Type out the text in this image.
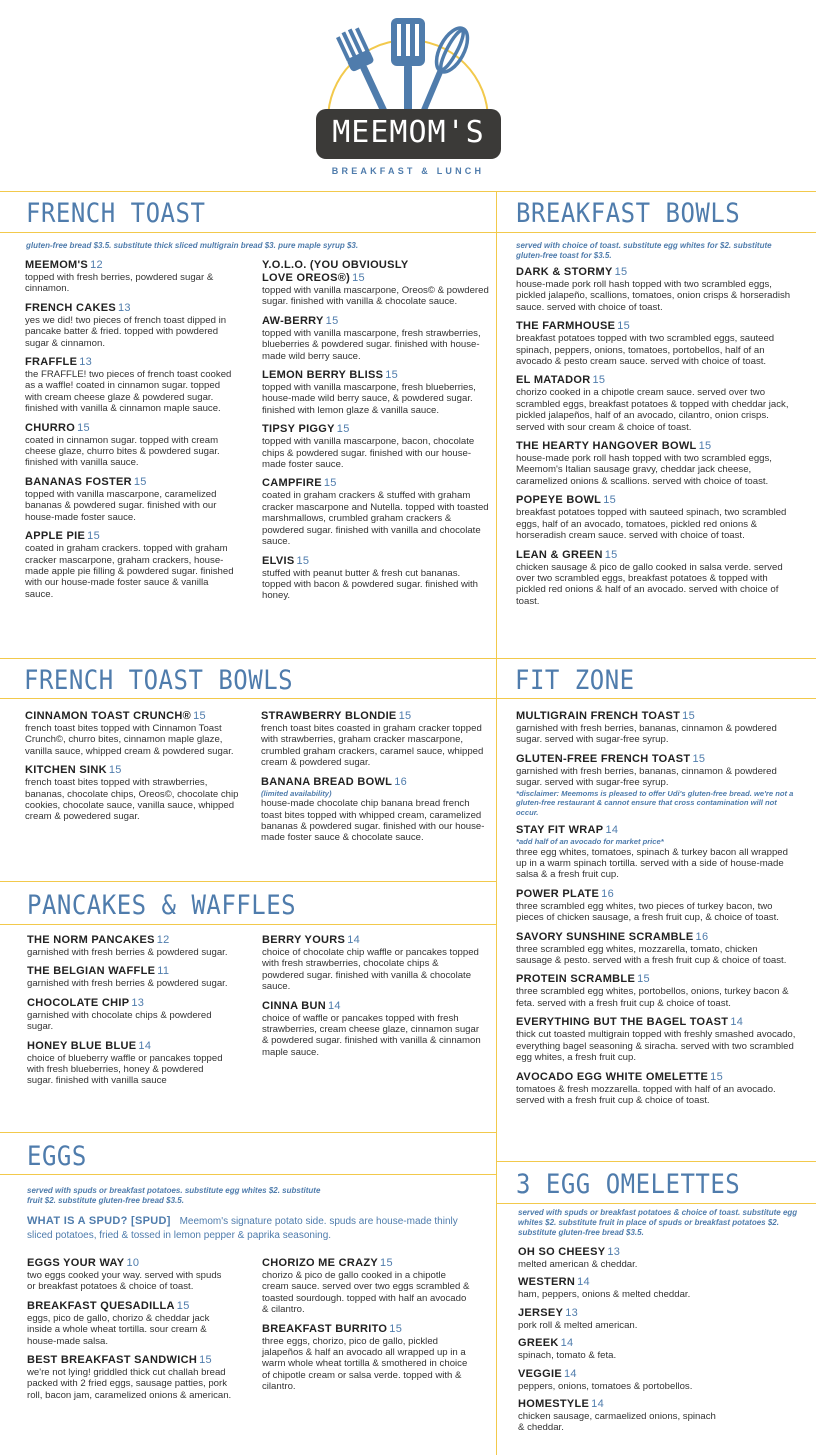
MEEMOM'S
BREAKFAST & LUNCH
FRENCH TOAST
gluten-free bread $3.5. substitute thick sliced multigrain bread $3. pure maple syrup $3.
MEEMOM'S 12
topped with fresh berries, powdered sugar & cinnamon.
FRENCH CAKES 13
yes we did! two pieces of french toast dipped in pancake batter & fried. topped with powdered sugar & cinnamon.
FRAFFLE 13
the FRAFFLE! two pieces of french toast cooked as a waffle! coated in cinnamon sugar. topped with cream cheese glaze & powdered sugar. finished with vanilla & cinnamon maple sauce.
CHURRO 15
coated in cinnamon sugar. topped with cream cheese glaze, churro bites & powdered sugar. finished with vanilla sauce.
BANANAS FOSTER 15
topped with vanilla mascarpone, caramelized bananas & powdered sugar. finished with our house-made foster sauce.
APPLE PIE 15
coated in graham crackers. topped with graham cracker mascarpone, graham crackers, house-made apple pie filling & powdered sugar. finished with our house-made foster sauce & vanilla sauce.
Y.O.L.O. (YOU OBVIOUSLY LOVE OREOS®) 15
topped with vanilla mascarpone, Oreos© & powdered sugar. finished with vanilla & chocolate sauce.
AW-BERRY 15
topped with vanilla mascarpone, fresh strawberries, blueberries & powdered sugar. finished with house-made wild berry sauce.
LEMON BERRY BLISS 15
topped with vanilla mascarpone, fresh blueberries, house-made wild berry sauce, & powdered sugar. finished with lemon glaze & vanilla sauce.
TIPSY PIGGY 15
topped with vanilla mascarpone, bacon, chocolate chips & powdered sugar. finished with our house-made foster sauce.
CAMPFIRE 15
coated in graham crackers & stuffed with graham cracker mascarpone and Nutella. topped with toasted marshmallows, crumbled graham crackers & powdered sugar. finished with vanilla and chocolate sauce.
ELVIS 15
stuffed with peanut butter & fresh cut bananas. topped with bacon & powdered sugar. finished with honey.
BREAKFAST BOWLS
served with choice of toast. substitute egg whites for $2. substitute gluten-free toast for $3.5.
DARK & STORMY 15
house-made pork roll hash topped with two scrambled eggs, pickled jalapeño, scallions, tomatoes, onion crisps & horseradish sauce. served with choice of toast.
THE FARMHOUSE 15
breakfast potatoes topped with two scrambled eggs, sauteed spinach, peppers, onions, tomatoes, portobellos, half of an avocado & pesto cream sauce. served with choice of toast.
EL MATADOR 15
chorizo cooked in a chipotle cream sauce. served over two scrambled eggs, breakfast potatoes & topped with cheddar jack, pickled jalapeños, half of an avocado, cilantro, onion crisps. served with sour cream & choice of toast.
THE HEARTY HANGOVER BOWL 15
house-made pork roll hash topped with two scrambled eggs, Meemom's Italian sausage gravy, cheddar jack cheese, caramelized onions & scallions. served with choice of toast.
POPEYE BOWL 15
breakfast potatoes topped with sauteed spinach, two scrambled eggs, half of an avocado, tomatoes, pickled red onions & horseradish cream sauce. served with choice of toast.
LEAN & GREEN 15
chicken sausage & pico de gallo cooked in salsa verde. served over two scrambled eggs, breakfast potatoes & topped with pickled red onions & half of an avocado. served with choice of toast.
FRENCH TOAST BOWLS
CINNAMON TOAST CRUNCH® 15
french toast bites topped with Cinnamon Toast Crunch©, churro bites, cinnamon maple glaze, vanilla sauce, whipped cream & powdered sugar.
KITCHEN SINK 15
french toast bites topped with strawberries, bananas, chocolate chips, Oreos©, chocolate chip cookies, chocolate sauce, vanilla sauce, whipped cream & powedered sugar.
STRAWBERRY BLONDIE 15
french toast bites coasted in graham cracker topped with strawberries, graham cracker mascarpone, crumbled graham crackers, caramel sauce, whipped cream & powdered sugar.
BANANA BREAD BOWL 16
(limited availability)
house-made chocolate chip banana bread french toast bites topped with whipped cream, caramelized bananas & powdered sugar. finished with our house-made foster sauce & chocolate sauce.
FIT ZONE
MULTIGRAIN FRENCH TOAST 15
garnished with fresh berries, bananas, cinnamon & powdered sugar. served with sugar-free syrup.
GLUTEN-FREE FRENCH TOAST 15
garnished with fresh berries, bananas, cinnamon & powdered sugar. served with sugar-free syrup.
*disclaimer: Meemoms is pleased to offer Udi's gluten-free bread. we're not a gluten-free restaurant & cannot ensure that cross contamination will not occur.
STAY FIT WRAP 14
*add half of an avocado for market price*
three egg whites, tomatoes, spinach & turkey bacon all wrapped up in a warm spinach tortilla. served with a side of house-made salsa & a fresh fruit cup.
POWER PLATE 16
three scrambled egg whites, two pieces of turkey bacon, two pieces of chicken sausage, a fresh fruit cup, & choice of toast.
SAVORY SUNSHINE SCRAMBLE 16
three scrambled egg whites, mozzarella, tomato, chicken sausage & pesto. served with a fresh fruit cup & choice of toast.
PROTEIN SCRAMBLE 15
three scrambled egg whites, portobellos, onions, turkey bacon & feta. served with a fresh fruit cup & choice of toast.
EVERYTHING BUT THE BAGEL TOAST 14
thick cut toasted multigrain topped with freshly smashed avocado, everything bagel seasoning & siracha. served with two scrambled egg whites, a fresh fruit cup.
AVOCADO EGG WHITE OMELETTE 15
tomatoes & fresh mozzarella. topped with half of an avocado. served with a fresh fruit cup & choice of toast.
PANCAKES & WAFFLES
THE NORM PANCAKES 12
garnished with fresh berries & powdered sugar.
THE BELGIAN WAFFLE 11
garnished with fresh berries & powdered sugar.
CHOCOLATE CHIP 13
garnished with chocolate chips & powdered sugar.
HONEY BLUE BLUE 14
choice of blueberry waffle or pancakes topped with fresh blueberries, honey & powdered sugar. finished with vanilla sauce
BERRY YOURS 14
choice of chocolate chip waffle or pancakes topped with fresh strawberries, chocolate chips & powdered sugar. finished with vanilla & chocolate sauce.
CINNA BUN 14
choice of waffle or pancakes topped with fresh strawberries, cream cheese glaze, cinnamon sugar & powdered sugar. finished with vanilla & cinnamon maple sauce.
EGGS
served with spuds or breakfast potatoes. substitute egg whites $2. substitute fruit $2. substitute gluten-free bread $3.5.
WHAT IS A SPUD? [SPUD] Meemom's signature potato side. spuds are house-made thinly sliced potatoes, fried & tossed in lemon pepper & paprika seasoning.
EGGS YOUR WAY 10
two eggs cooked your way. served with spuds or breakfast potatoes & choice of toast.
BREAKFAST QUESADILLA 15
eggs, pico de gallo, chorizo & cheddar jack inside a whole wheat tortilla. sour cream & house-made salsa.
BEST BREAKFAST SANDWICH 15
we're not lying! griddled thick cut challah bread packed with 2 fried eggs, sausage patties, pork roll, bacon jam, caramelized onions & american.
CHORIZO ME CRAZY 15
chorizo & pico de gallo cooked in a chipotle cream sauce. served over two eggs scrambled & toasted sourdough. topped with half an avocado & cilantro.
BREAKFAST BURRITO 15
three eggs, chorizo, pico de gallo, pickled jalapeños & half an avocado all wrapped up in a warm whole wheat tortilla & smothered in choice of chipotle cream or salsa verde. topped with & cilantro.
3 EGG OMELETTES
served with spuds or breakfast potatoes & choice of toast. substitute egg whites $2. substitute fruit in place of spuds or breakfast potatoes $2. substitute gluten-free bread $3.5.
OH SO CHEESY 13
melted american & cheddar.
WESTERN 14
ham, peppers, onions & melted cheddar.
JERSEY 13
pork roll & melted american.
GREEK 14
spinach, tomato & feta.
VEGGIE 14
peppers, onions, tomatoes & portobellos.
HOMESTYLE 14
chicken sausage, carmaelized onions, spinach & cheddar.
